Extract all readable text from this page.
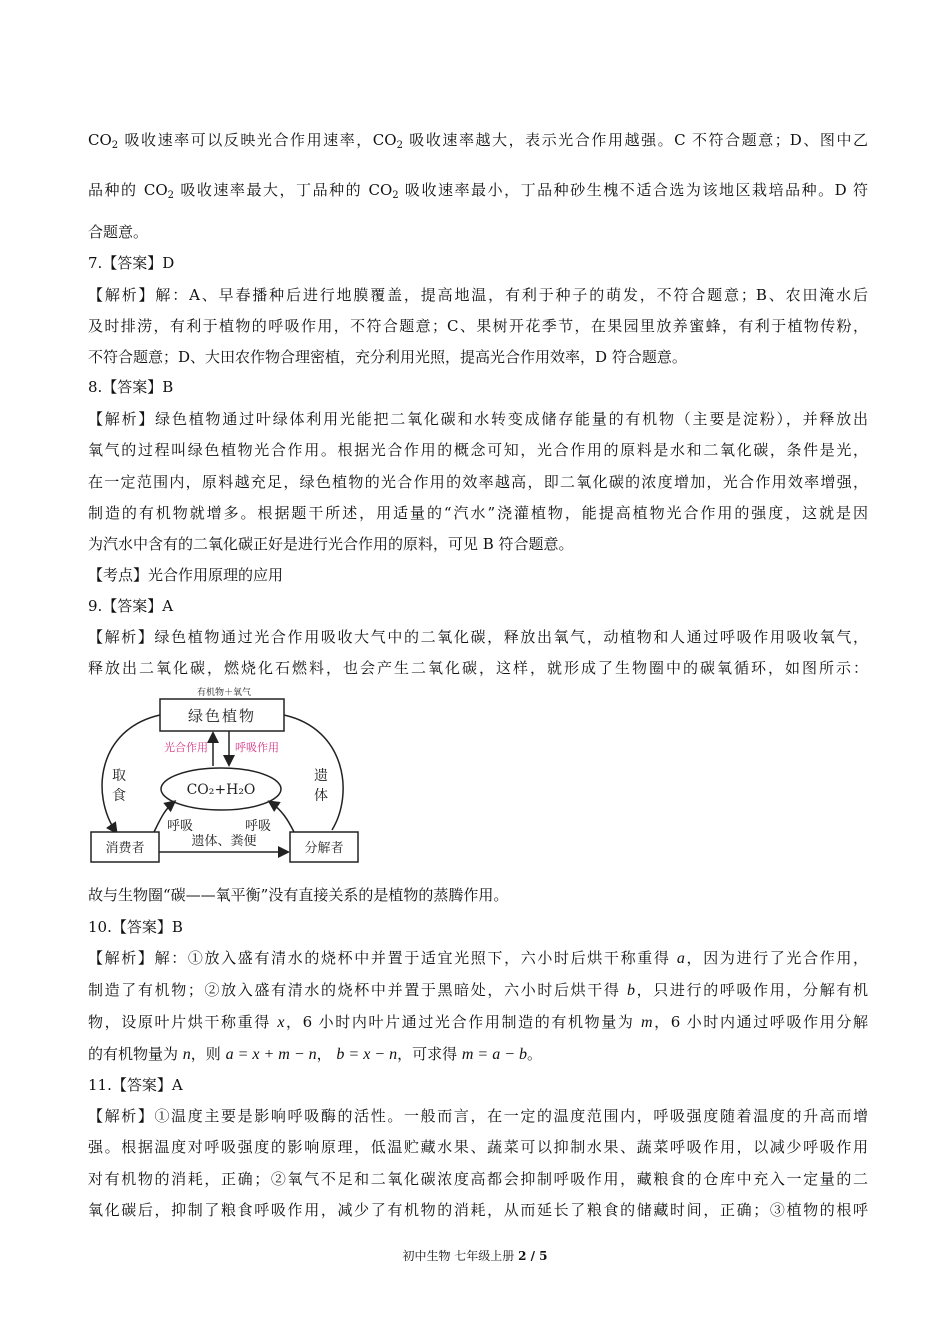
$CO_2$ 吸收速率可以反映光合作用速率，$CO_2$ 吸收速率越大，表示光合作用越强。C 不符合题意；D、图中乙
品种的 $CO_2$ 吸收速率最大，丁品种的 $CO_2$ 吸收速率最小，丁品种砂生槐不适合选为该地区栽培品种。D 符
合题意。
7.【答案】D
【解析】解：A、早春播种后进行地膜覆盖，提高地温，有利于种子的萌发，不符合题意；B、农田淹水后
及时排涝，有利于植物的呼吸作用，不符合题意；C、果树开花季节，在果园里放养蜜蜂，有利于植物传粉，
不符合题意；D、大田农作物合理密植，充分利用光照，提高光合作用效率，D 符合题意。
8.【答案】B
【解析】绿色植物通过叶绿体利用光能把二氧化碳和水转变成储存能量的有机物（主要是淀粉），并释放出
氧气的过程叫绿色植物光合作用。根据光合作用的概念可知，光合作用的原料是水和二氧化碳，条件是光，
在一定范围内，原料越充足，绿色植物的光合作用的效率越高，即二氧化碳的浓度增加，光合作用效率增强，
制造的有机物就增多。根据题干所述，用适量的“汽水”浇灌植物，能提高植物光合作用的强度，这就是因
为汽水中含有的二氧化碳正好是进行光合作用的原料，可见 B 符合题意。
【考点】光合作用原理的应用
9.【答案】A
【解析】绿色植物通过光合作用吸收大气中的二氧化碳，释放出氧气，动植物和人通过呼吸作用吸收氧气，
释放出二氧化碳，燃烧化石燃料，也会产生二氧化碳，这样，就形成了生物圈中的碳氧循环，如图所示：
有机物＋氧气
绿色植物
光合作用 呼吸作用
CO₂+H₂O
取食
遗体
消费者	分解者
呼吸	呼吸
遗体、粪便
故与生物圈“碳——氧平衡”没有直接关系的是植物的蒸腾作用。
10.【答案】B
【解析】解：①放入盛有清水的烧杯中并置于适宜光照下，六小时后烘干称重得 a，因为进行了光合作用，
制造了有机物；②放入盛有清水的烧杯中并置于黑暗处，六小时后烘干得 b，只进行的呼吸作用，分解有机
物，设原叶片烘干称重得 x，6 小时内叶片通过光合作用制造的有机物量为 m，6 小时内通过呼吸作用分解
的有机物量为 n，则 a = x + m − n， b = x − n，可求得 m = a − b。
11.【答案】A
【解析】①温度主要是影响呼吸酶的活性。一般而言，在一定的温度范围内，呼吸强度随着温度的升高而增
强。根据温度对呼吸强度的影响原理，低温贮藏水果、蔬菜可以抑制水果、蔬菜呼吸作用，以减少呼吸作用
对有机物的消耗，正确；②氧气不足和二氧化碳浓度高都会抑制呼吸作用，藏粮食的仓库中充入一定量的二
氧化碳后，抑制了粮食呼吸作用，减少了有机物的消耗，从而延长了粮食的储藏时间，正确；③植物的根呼
初中生物 七年级上册 2 / 5
